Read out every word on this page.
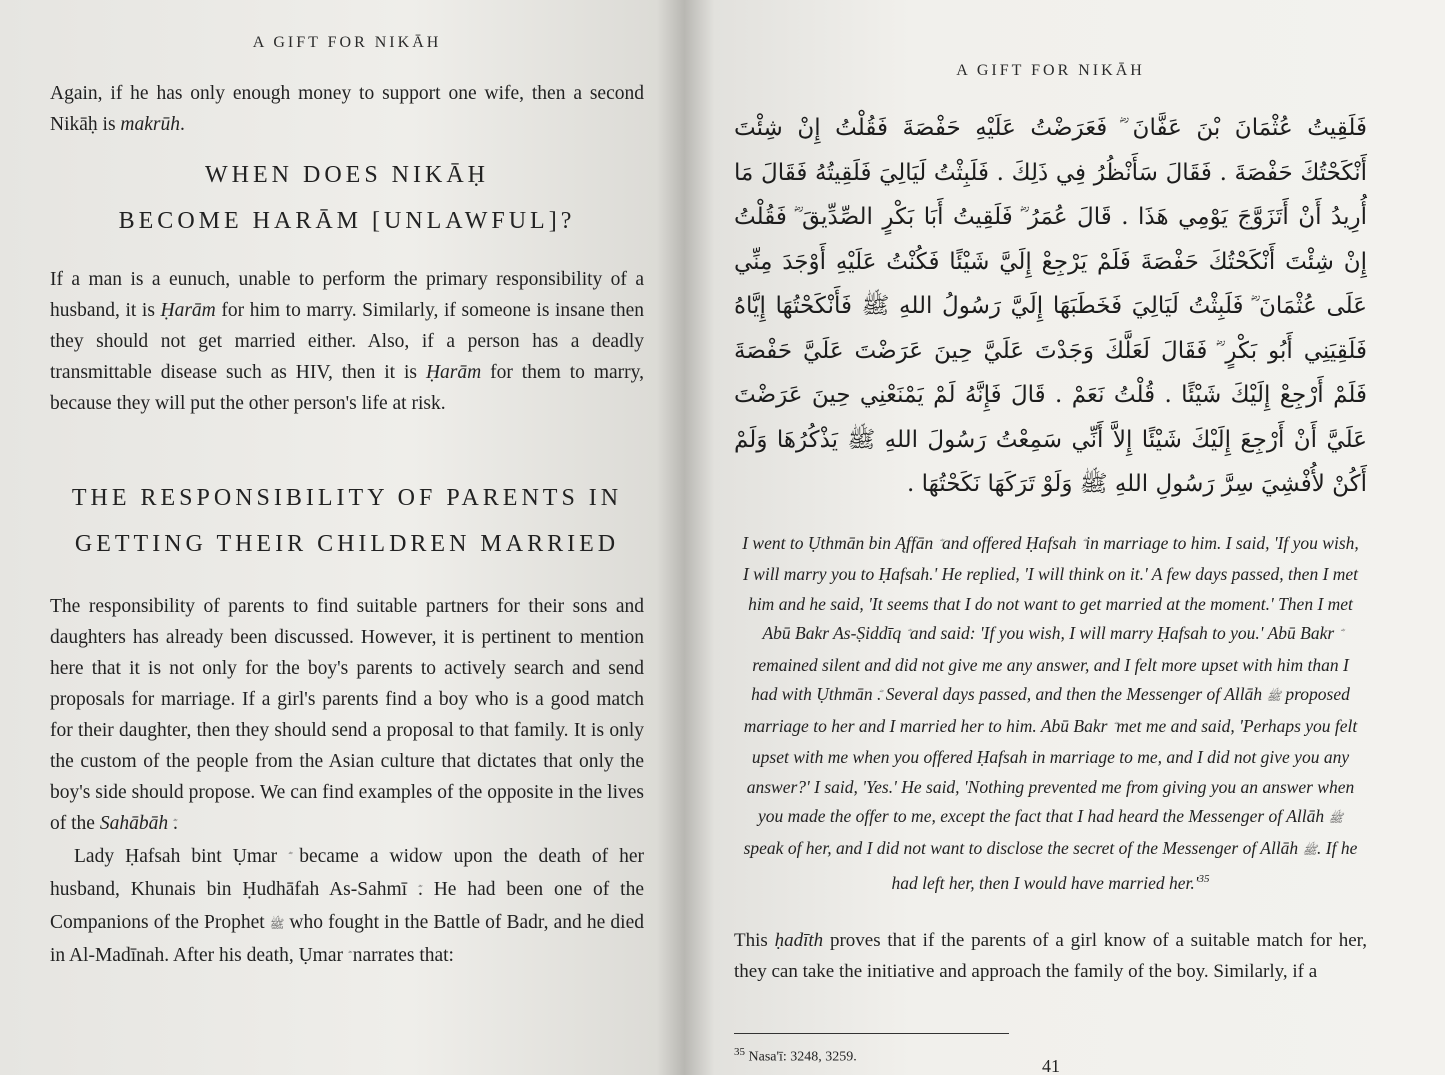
A GIFT FOR NIKĀH

Again, if he has only enough money to support one wife, then a second Nikāḥ is makrūh.

WHEN DOES NIKĀḤ
BECOME HARĀM [UNLAWFUL]?

If a man is a eunuch, unable to perform the primary responsibility of a husband, it is Ḥarām for him to marry. Similarly, if someone is insane then they should not get married either. Also, if a person has a deadly transmittable disease such as HIV, then it is Ḥarām for them to marry, because they will put the other person's life at risk.

THE RESPONSIBILITY OF PARENTS IN
GETTING THEIR CHILDREN MARRIED

The responsibility of parents to find suitable partners for their sons and daughters has already been discussed. However, it is pertinent to mention here that it is not only for the boy's parents to actively search and send proposals for marriage. If a girl's parents find a boy who is a good match for their daughter, then they should send a proposal to that family. It is only the custom of the people from the Asian culture that dictates that only the boy's side should propose. We can find examples of the opposite in the lives of the Sahābāh .

Lady Ḥafsah bint Ụmar became a widow upon the death of her husband, Khunais bin Ḥudhāfah As-Sahmī . He had been one of the Companions of the Prophet ﷺ who fought in the Battle of Badr, and he died in Al-Madīnah. After his death, Ụmar narrates that:

A GIFT FOR NIKĀH
فَلَقِيتُ عُثْمَانَ بْنَ عَفَّانَ ؓ فَعَرَضْتُ عَلَيْهِ حَفْصَةَ فَقُلْتُ إِنْ شِئْتَ أَنْكَحْتُكَ حَفْصَةَ . فَقَالَ سَأَنْظُرُ فِي ذَلِكَ . فَلَبِثْتُ لَيَالِيَ فَلَقِيتُهُ فَقَالَ مَا أُرِيدُ أَنْ أَتَزَوَّجَ يَوْمِي هَذَا . قَالَ عُمَرُ ؓ فَلَقِيتُ أَبَا بَكْرٍ الصِّدِّيقَ ؓ فَقُلْتُ إِنْ شِئْتَ أَنْكَحْتُكَ حَفْصَةَ فَلَمْ يَرْجِعْ إِلَيَّ شَيْئًا فَكُنْتُ عَلَيْهِ أَوْجَدَ مِنِّي عَلَى عُثْمَانَ ؓ فَلَبِثْتُ لَيَالِيَ فَخَطَبَهَا إِلَيَّ رَسُولُ اللهِ ﷺ فَأَنْكَحْتُهَا إِيَّاهُ فَلَقِيَنِي أَبُو بَكْرٍ ؓ فَقَالَ لَعَلَّكَ وَجَدْتَ عَلَيَّ حِينَ عَرَضْتَ عَلَيَّ حَفْصَةَ فَلَمْ أَرْجِعْ إِلَيْكَ شَيْئًا . قُلْتُ نَعَمْ . قَالَ فَإِنَّهُ لَمْ يَمْنَعْنِي حِينَ عَرَضْتَ عَلَيَّ أَنْ أَرْجِعَ إِلَيْكَ شَيْئًا إِلاَّ أَنِّي سَمِعْتُ رَسُولَ اللهِ ﷺ يَذْكُرُهَا وَلَمْ أَكُنْ لأُفْشِيَ سِرَّ رَسُولِ اللهِ ﷺ وَلَوْ تَرَكَهَا نَكَحْتُهَا .
I went to Ụthmān bin Ąffān and offered Ḥafsah in marriage to him. I said, 'If you wish, I will marry you to Ḥafsah.' He replied, 'I will think on it.' A few days passed, then I met him and he said, 'It seems that I do not want to get married at the moment.' Then I met Abū Bakr As-Ṣiddīq and said: 'If you wish, I will marry Ḥafsah to you.' Abū Bakr remained silent and did not give me any answer, and I felt more upset with him than I had with Ụthmān . Several days passed, and then the Messenger of Allāh ﷺ proposed marriage to her and I married her to him. Abū Bakr met me and said, 'Perhaps you felt upset with me when you offered Ḥafsah in marriage to me, and I did not give you any answer?' I said, 'Yes.' He said, 'Nothing prevented me from giving you an answer when you made the offer to me, except the fact that I had heard the Messenger of Allāh ﷺ speak of her, and I did not want to disclose the secret of the Messenger of Allāh ﷺ. If he had left her, then I would have married $her.'^{35}$

This ḥadīth proves that if the parents of a girl know of a suitable match for her, they can take the initiative and approach the family of the boy. Similarly, if a

$^{35}$ Nasa'ī: 3248, 3259.	41
